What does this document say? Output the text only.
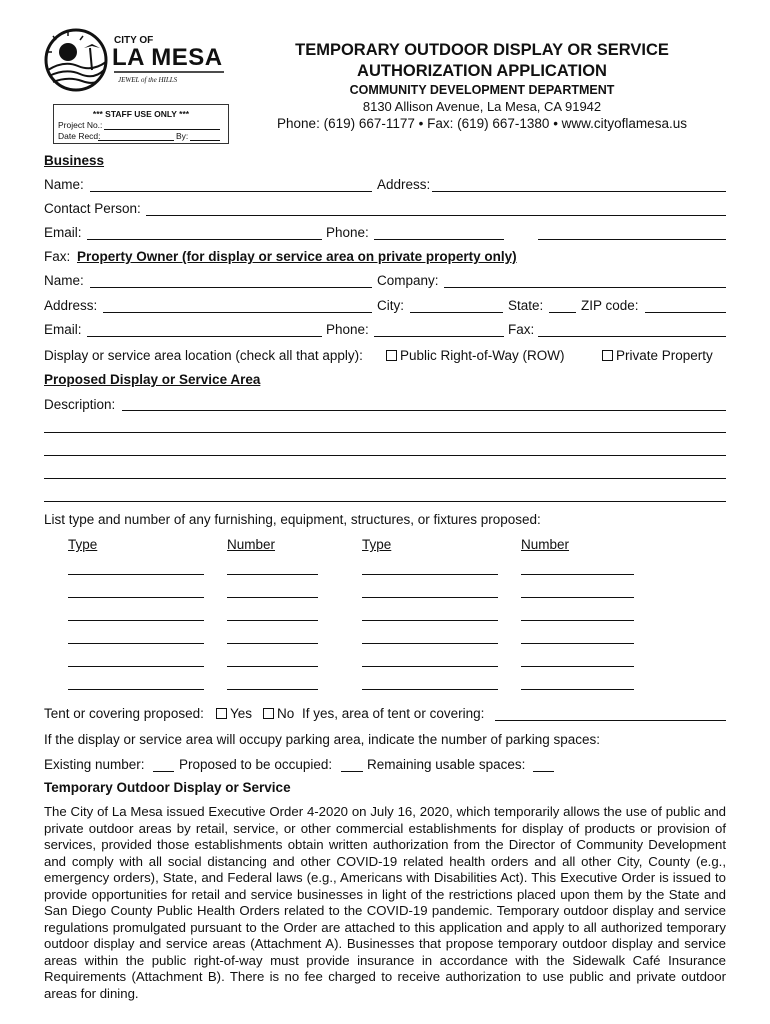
CITY OF
LA MESA
JEWEL of the HILLS
*** STAFF USE ONLY ***
Project No.:
Date Recd:	By:
TEMPORARY OUTDOOR DISPLAY OR SERVICE
AUTHORIZATION APPLICATION
COMMUNITY DEVELOPMENT DEPARTMENT
8130 Allison Avenue, La Mesa, CA 91942
Phone: (619) 667-1177 • Fax: (619) 667-1380 • www.cityoflamesa.us
Business
Name:	Address:
Contact Person:
Email:	Phone:
Fax: Property Owner (for display or service area on private property only)
Name:	Company:
Address:	City:	State:	ZIP code:
Email:	Phone:	Fax:
Display or service area location (check all that apply):	Public Right-of-Way (ROW)	Private Property
Proposed Display or Service Area
Description:
List type and number of any furnishing, equipment, structures, or fixtures proposed:
Type	Number	Type	Number
Tent or covering proposed:	Yes	No If yes, area of tent or covering:
If the display or service area will occupy parking area, indicate the number of parking spaces:
Existing number:	Proposed to be occupied:	Remaining usable spaces:
Temporary Outdoor Display or Service
The City of La Mesa issued Executive Order 4-2020 on July 16, 2020, which temporarily allows the use of public and private outdoor areas by retail, service, or other commercial establishments for display of products or provision of services, provided those establishments obtain written authorization from the Director of Community Development and comply with all social distancing and other COVID-19 related health orders and all other City, County (e.g., emergency orders), State, and Federal laws (e.g., Americans with Disabilities Act). This Executive Order is issued to provide opportunities for retail and service businesses in light of the restrictions placed upon them by the State and San Diego County Public Health Orders related to the COVID-19 pandemic. Temporary outdoor display and service regulations promulgated pursuant to the Order are attached to this application and apply to all authorized temporary outdoor display and service areas (Attachment A). Businesses that propose temporary outdoor display and service areas within the public right-of-way must provide insurance in accordance with the Sidewalk Café Insurance Requirements (Attachment B). There is no fee charged to receive authorization to use public and private outdoor areas for dining.
